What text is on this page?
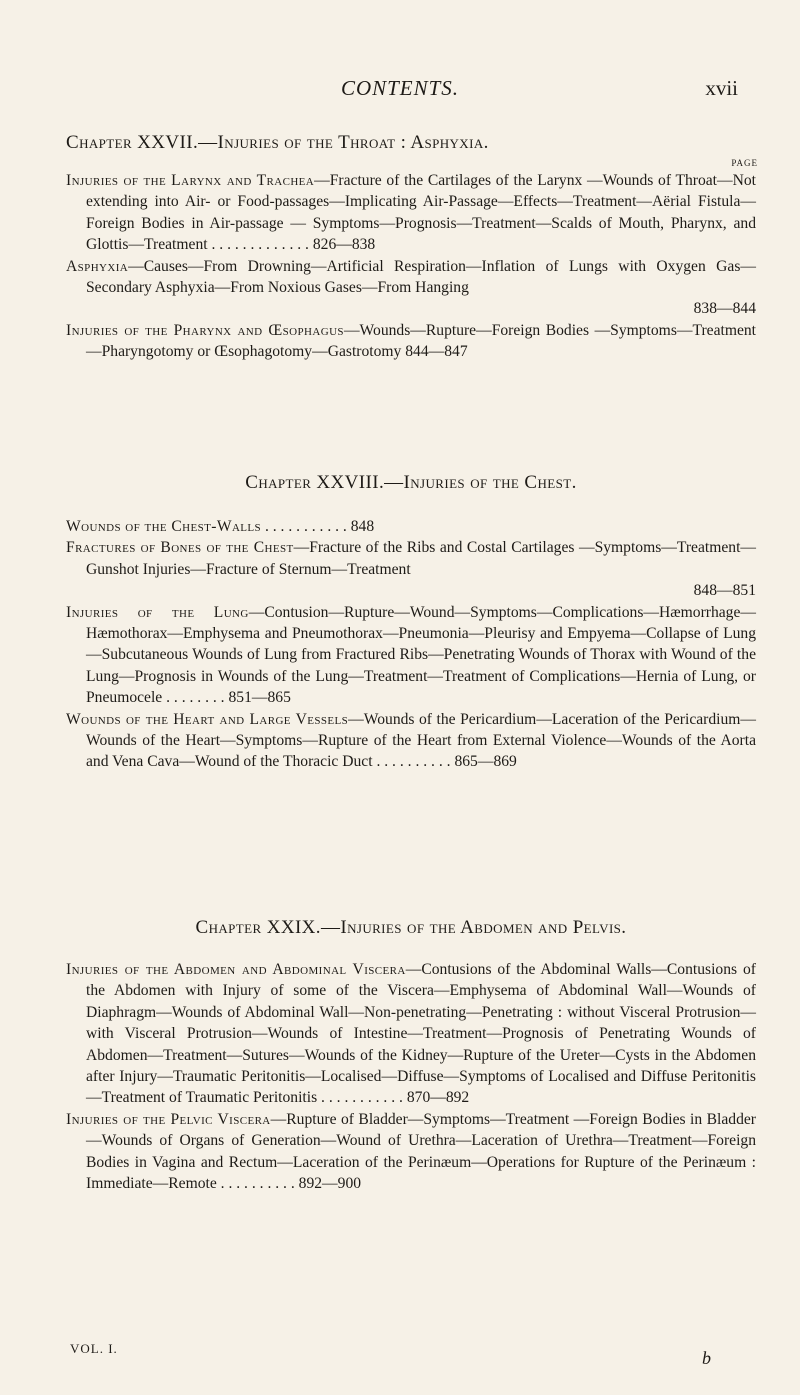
CONTENTS.	xvii
Chapter XXVII.—Injuries of the Throat : Asphyxia.
PAGE
Injuries of the Larynx and Trachea—Fracture of the Cartilages of the Larynx —Wounds of Throat—Not extending into Air- or Food-passages—Implicating Air-Passage—Effects—Treatment—Aërial Fistula—Foreign Bodies in Air-passage — Symptoms—Prognosis—Treatment—Scalds of Mouth, Pharynx, and Glottis—Treatment . . . . . . . . . . . . . 826—838
Asphyxia—Causes—From Drowning—Artificial Respiration—Inflation of Lungs with Oxygen Gas—Secondary Asphyxia—From Noxious Gases—From Hanging
838—844
Injuries of the Pharynx and Œsophagus—Wounds—Rupture—Foreign Bodies —Symptoms—Treatment—Pharyngotomy or Œsophagotomy—Gastrotomy 844—847
Chapter XXVIII.—Injuries of the Chest.
Wounds of the Chest-Walls . . . . . . . . . . . 848
Fractures of Bones of the Chest—Fracture of the Ribs and Costal Cartilages —Symptoms—Treatment—Gunshot Injuries—Fracture of Sternum—Treatment
848—851
Injuries of the Lung—Contusion—Rupture—Wound—Symptoms—Complications—Hæmorrhage—Hæmothorax—Emphysema and Pneumothorax—Pneumonia—Pleurisy and Empyema—Collapse of Lung—Subcutaneous Wounds of Lung from Fractured Ribs—Penetrating Wounds of Thorax with Wound of the Lung—Prognosis in Wounds of the Lung—Treatment—Treatment of Complications—Hernia of Lung, or Pneumocele . . . . . . . . 851—865
Wounds of the Heart and Large Vessels—Wounds of the Pericardium—Laceration of the Pericardium—Wounds of the Heart—Symptoms—Rupture of the Heart from External Violence—Wounds of the Aorta and Vena Cava—Wound of the Thoracic Duct . . . . . . . . . . 865—869
Chapter XXIX.—Injuries of the Abdomen and Pelvis.
Injuries of the Abdomen and Abdominal Viscera—Contusions of the Abdominal Walls—Contusions of the Abdomen with Injury of some of the Viscera—Emphysema of Abdominal Wall—Wounds of Diaphragm—Wounds of Abdominal Wall—Non-penetrating—Penetrating : without Visceral Protrusion—with Visceral Protrusion—Wounds of Intestine—Treatment—Prognosis of Penetrating Wounds of Abdomen—Treatment—Sutures—Wounds of the Kidney—Rupture of the Ureter—Cysts in the Abdomen after Injury—Traumatic Peritonitis—Localised—Diffuse—Symptoms of Localised and Diffuse Peritonitis—Treatment of Traumatic Peritonitis . . . . . . . . . . . 870—892
Injuries of the Pelvic Viscera—Rupture of Bladder—Symptoms—Treatment —Foreign Bodies in Bladder—Wounds of Organs of Generation—Wound of Urethra—Laceration of Urethra—Treatment—Foreign Bodies in Vagina and Rectum—Laceration of the Perinæum—Operations for Rupture of the Perinæum : Immediate—Remote . . . . . . . . . . 892—900
VOL. I.	b
